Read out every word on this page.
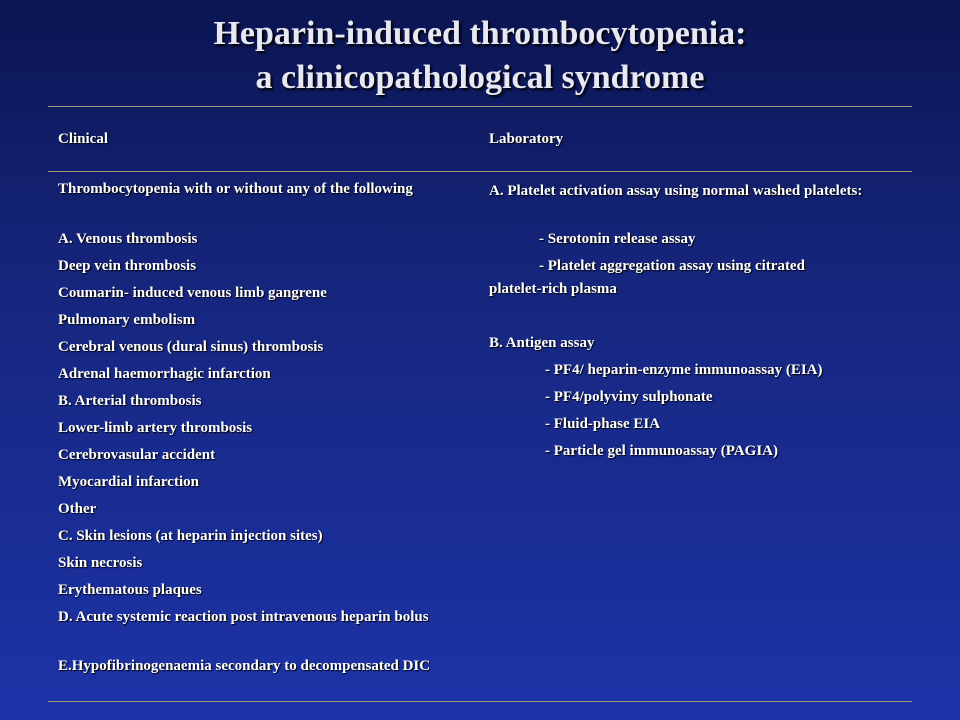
Heparin-induced thrombocytopenia:
a clinicopathological syndrome
Clinical	Laboratory
Thrombocytopenia with or without any of the following
A. Venous thrombosis
Deep vein thrombosis
Coumarin- induced venous limb gangrene
Pulmonary embolism
Cerebral venous (dural sinus) thrombosis
Adrenal haemorrhagic infarction
B. Arterial thrombosis
Lower-limb artery thrombosis
Cerebrovasular accident
Myocardial infarction
Other
C. Skin lesions (at heparin injection sites)
Skin necrosis
Erythematous plaques
D. Acute systemic reaction post intravenous heparin bolus
E.Hypofibrinogenaemia secondary to decompensated DIC
A. Platelet activation assay using normal washed platelets:
- Serotonin release assay
- Platelet aggregation assay using citrated
platelet-rich plasma
B. Antigen assay
- PF4/ heparin-enzyme immunoassay (EIA)
- PF4/polyviny sulphonate
- Fluid-phase EIA
- Particle gel immunoassay (PAGIA)
